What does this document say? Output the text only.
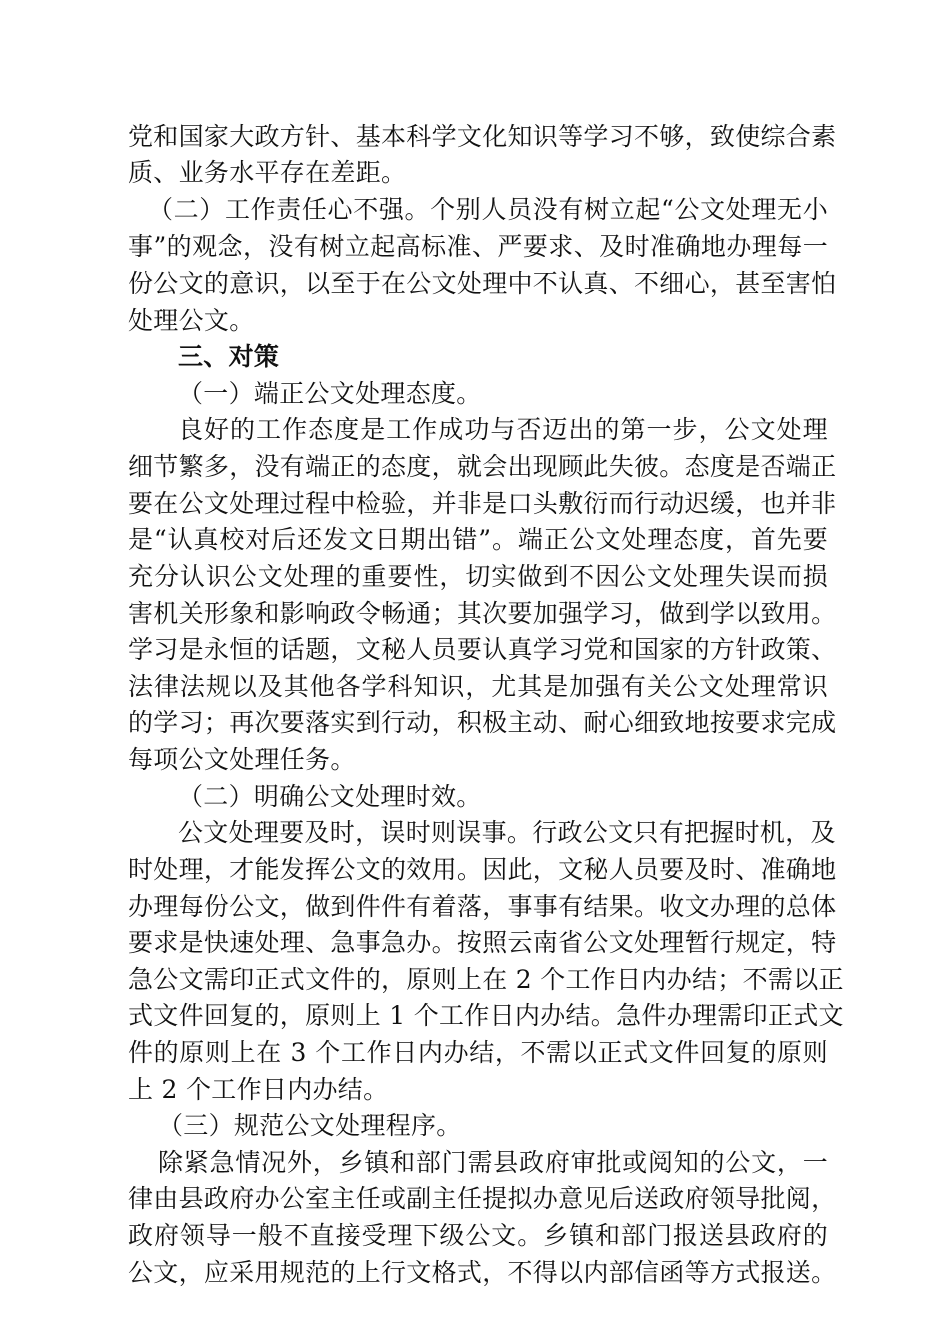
党和国家大政方针、基本科学文化知识等学习不够，致使综合素
质、业务水平存在差距。
（二）工作责任心不强。个别人员没有树立起“公文处理无小
事”的观念，没有树立起高标准、严要求、及时准确地办理每一
份公文的意识，以至于在公文处理中不认真、不细心，甚至害怕
处理公文。
三、对策
（一）端正公文处理态度。
良好的工作态度是工作成功与否迈出的第一步，公文处理
细节繁多，没有端正的态度，就会出现顾此失彼。态度是否端正
要在公文处理过程中检验，并非是口头敷衍而行动迟缓，也并非
是“认真校对后还发文日期出错”。端正公文处理态度，首先要
充分认识公文处理的重要性，切实做到不因公文处理失误而损
害机关形象和影响政令畅通；其次要加强学习，做到学以致用。
学习是永恒的话题，文秘人员要认真学习党和国家的方针政策、
法律法规以及其他各学科知识，尤其是加强有关公文处理常识
的学习；再次要落实到行动，积极主动、耐心细致地按要求完成
每项公文处理任务。
（二）明确公文处理时效。
公文处理要及时，误时则误事。行政公文只有把握时机，及
时处理，才能发挥公文的效用。因此，文秘人员要及时、准确地
办理每份公文，做到件件有着落，事事有结果。收文办理的总体
要求是快速处理、急事急办。按照云南省公文处理暂行规定，特
急公文需印正式文件的，原则上在 2 个工作日内办结；不需以正
式文件回复的，原则上 1 个工作日内办结。急件办理需印正式文
件的原则上在 3 个工作日内办结，不需以正式文件回复的原则
上 2 个工作日内办结。
（三）规范公文处理程序。
除紧急情况外，乡镇和部门需县政府审批或阅知的公文，一
律由县政府办公室主任或副主任提拟办意见后送政府领导批阅，
政府领导一般不直接受理下级公文。乡镇和部门报送县政府的
公文，应采用规范的上行文格式，不得以内部信函等方式报送。
